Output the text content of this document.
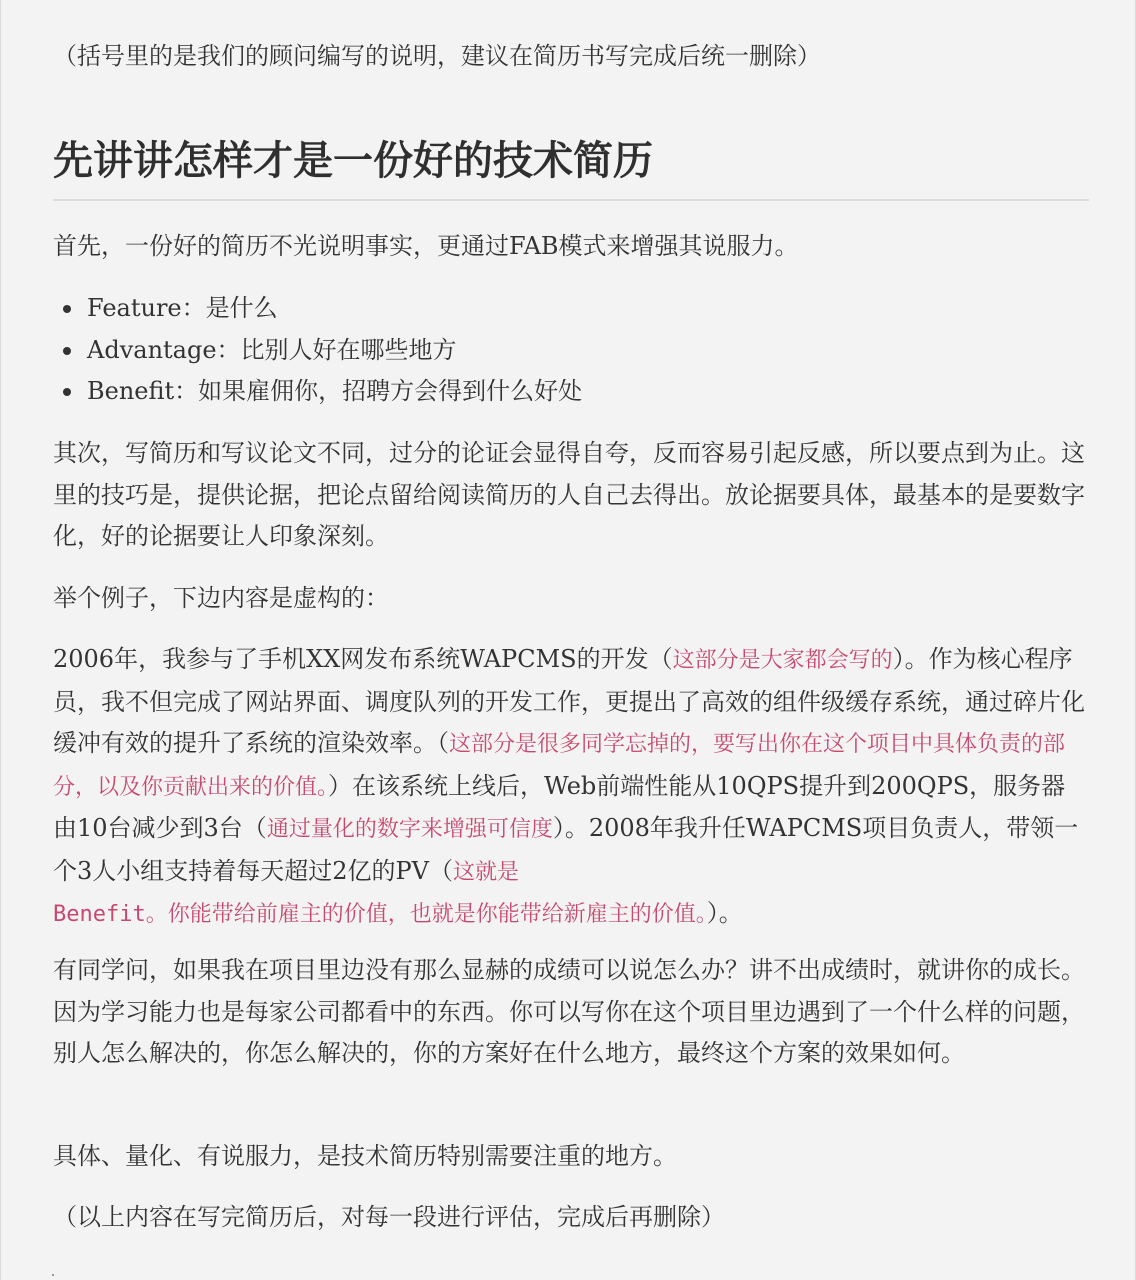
（括号里的是我们的顾问编写的说明，建议在简历书写完成后统一删除）

先讲讲怎样才是一份好的技术简历

首先，一份好的简历不光说明事实，更通过FAB模式来增强其说服力。

Feature：是什么
Advantage：比别人好在哪些地方
Benefit：如果雇佣你，招聘方会得到什么好处

其次，写简历和写议论文不同，过分的论证会显得自夸，反而容易引起反感，所以要点到为止。这里的技巧是，提供论据，把论点留给阅读简历的人自己去得出。放论据要具体，最基本的是要数字化，好的论据要让人印象深刻。

举个例子，下边内容是虚构的：

2006年，我参与了手机XX网发布系统WAPCMS的开发（这部分是大家都会写的）。作为核心程序员，我不但完成了网站界面、调度队列的开发工作，更提出了高效的组件级缓存系统，通过碎片化缓冲有效的提升了系统的渲染效率。（这部分是很多同学忘掉的，要写出你在这个项目中具体负责的部分，以及你贡献出来的价值。）在该系统上线后，Web前端性能从10QPS提升到200QPS，服务器由10台减少到3台（通过量化的数字来增强可信度）。2008年我升任WAPCMS项目负责人，带领一个3人小组支持着每天超过2亿的PV（这就是
Benefit。你能带给前雇主的价值，也就是你能带给新雇主的价值。）。

有同学问，如果我在项目里边没有那么显赫的成绩可以说怎么办？讲不出成绩时，就讲你的成长。因为学习能力也是每家公司都看中的东西。你可以写你在这个项目里边遇到了一个什么样的问题，别人怎么解决的，你怎么解决的，你的方案好在什么地方，最终这个方案的效果如何。

具体、量化、有说服力，是技术简历特别需要注重的地方。

（以上内容在写完简历后，对每一段进行评估，完成后再删除）
